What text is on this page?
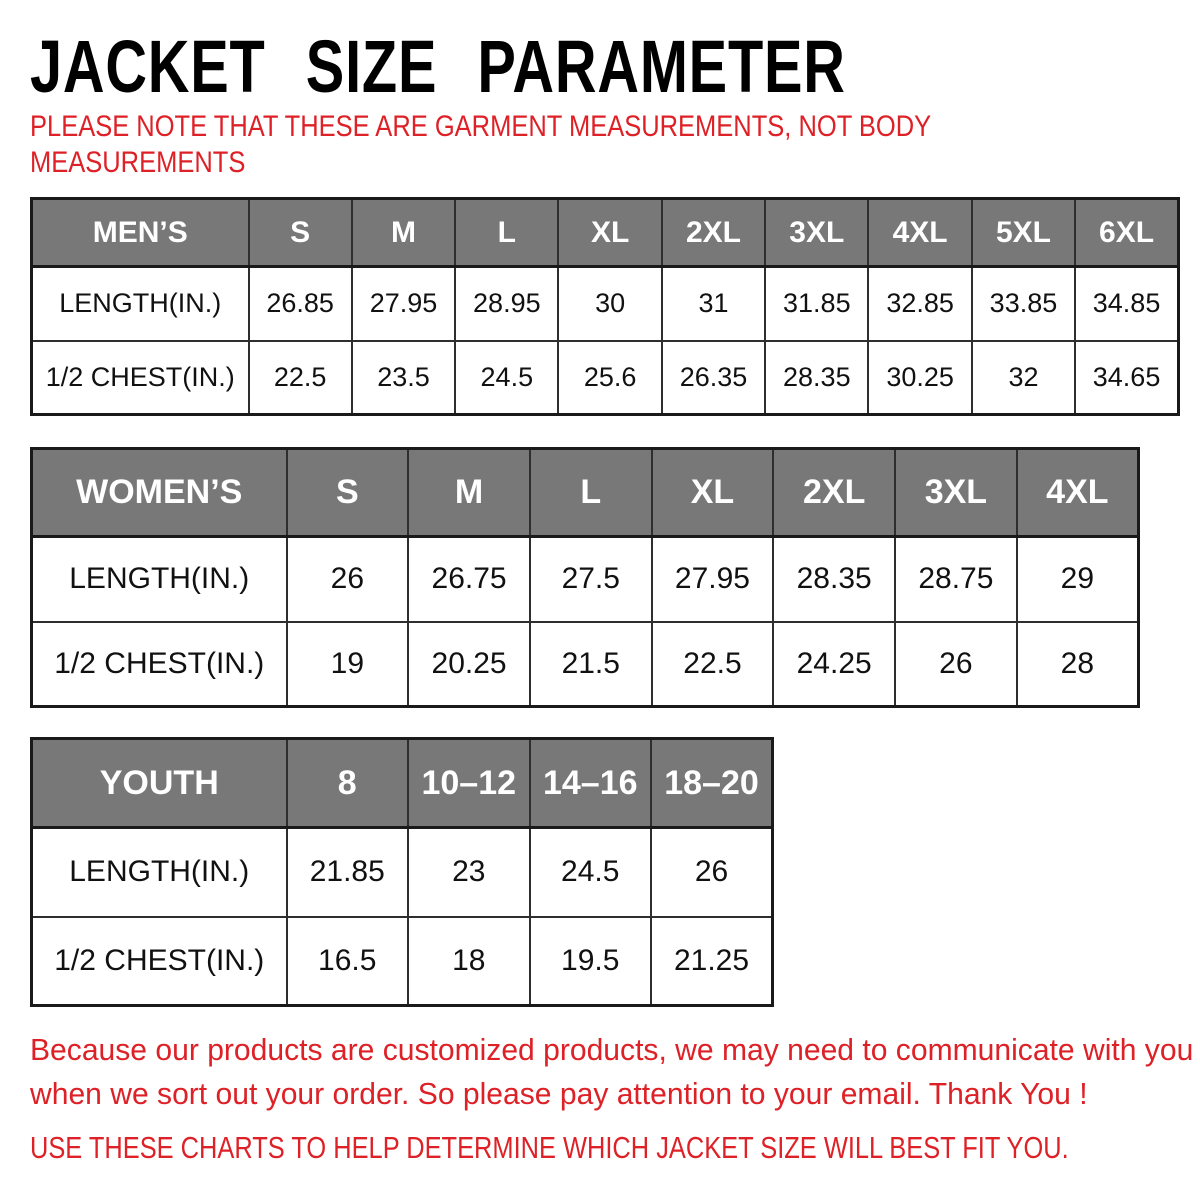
JACKET SIZE PARAMETER
PLEASE NOTE THAT THESE ARE GARMENT MEASUREMENTS, NOT BODY
MEASUREMENTS
MEN’S	S	M	L	XL	2XL	3XL	4XL	5XL	6XL
LENGTH(IN.)	26.85	27.95	28.95	30	31	31.85	32.85	33.85	34.85
1/2 CHEST(IN.)	22.5	23.5	24.5	25.6	26.35	28.35	30.25	32	34.65
WOMEN’S	S	M	L	XL	2XL	3XL	4XL
LENGTH(IN.)	26	26.75	27.5	27.95	28.35	28.75	29
1/2 CHEST(IN.)	19	20.25	21.5	22.5	24.25	26	28
YOUTH	8	10–12	14–16	18–20
LENGTH(IN.)	21.85	23	24.5	26
1/2 CHEST(IN.)	16.5	18	19.5	21.25
Because our products are customized products, we may need to communicate with you
when we sort out your order. So please pay attention to your email. Thank You !
USE THESE CHARTS TO HELP DETERMINE WHICH JACKET SIZE WILL BEST FIT YOU.
